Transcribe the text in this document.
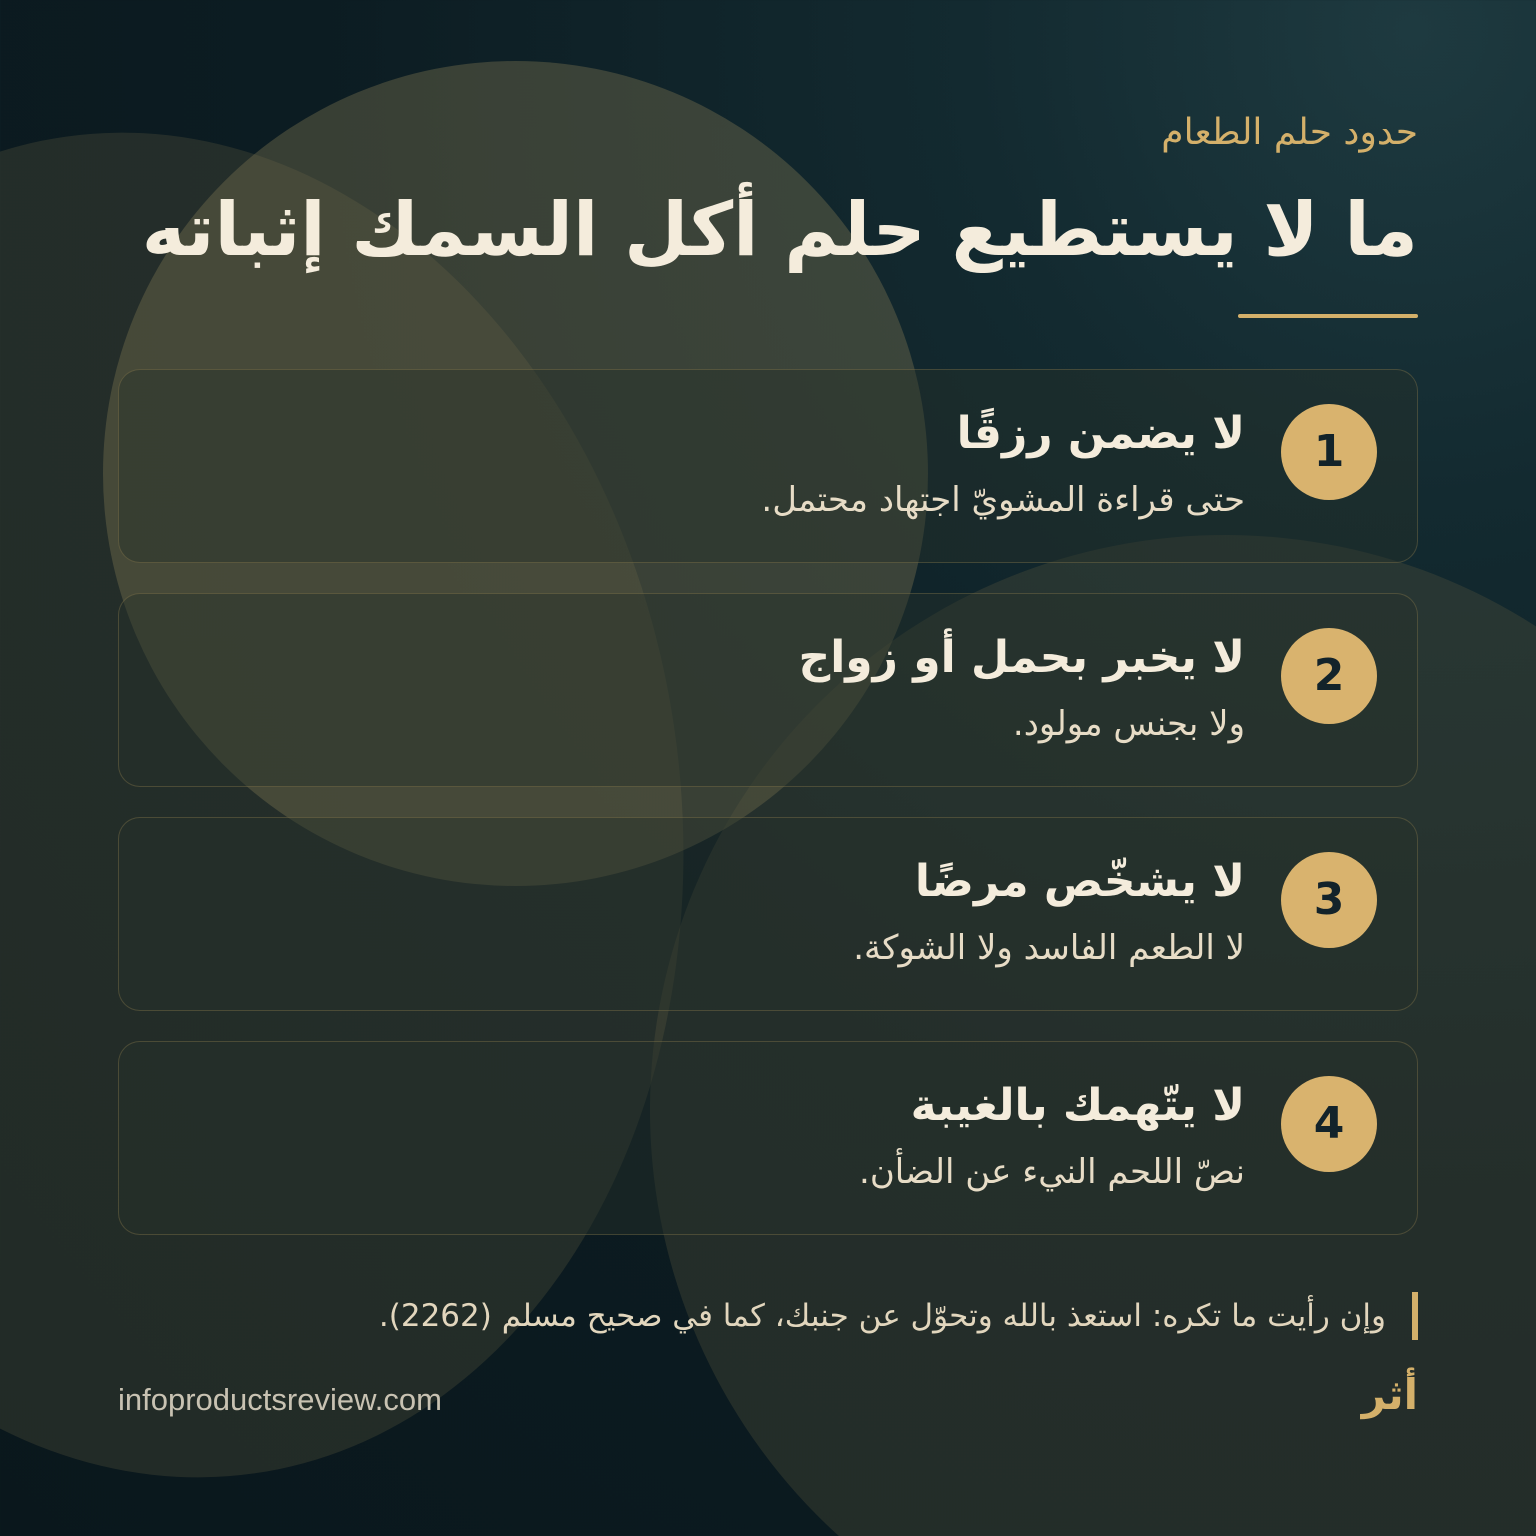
حدود حلم الطعام
ما لا يستطيع حلم أكل السمك إثباته
1
لا يضمن رزقًا
حتى قراءة المشويّ اجتهاد محتمل.
2
لا يخبر بحمل أو زواج
ولا بجنس مولود.
3
لا يشخّص مرضًا
لا الطعم الفاسد ولا الشوكة.
4
لا يتّهمك بالغيبة
نصّ اللحم النيء عن الضأن.
وإن رأيت ما تكره: استعذ بالله وتحوّل عن جنبك، كما في صحيح مسلم (2262).
infoproductsreview.com	أثر
